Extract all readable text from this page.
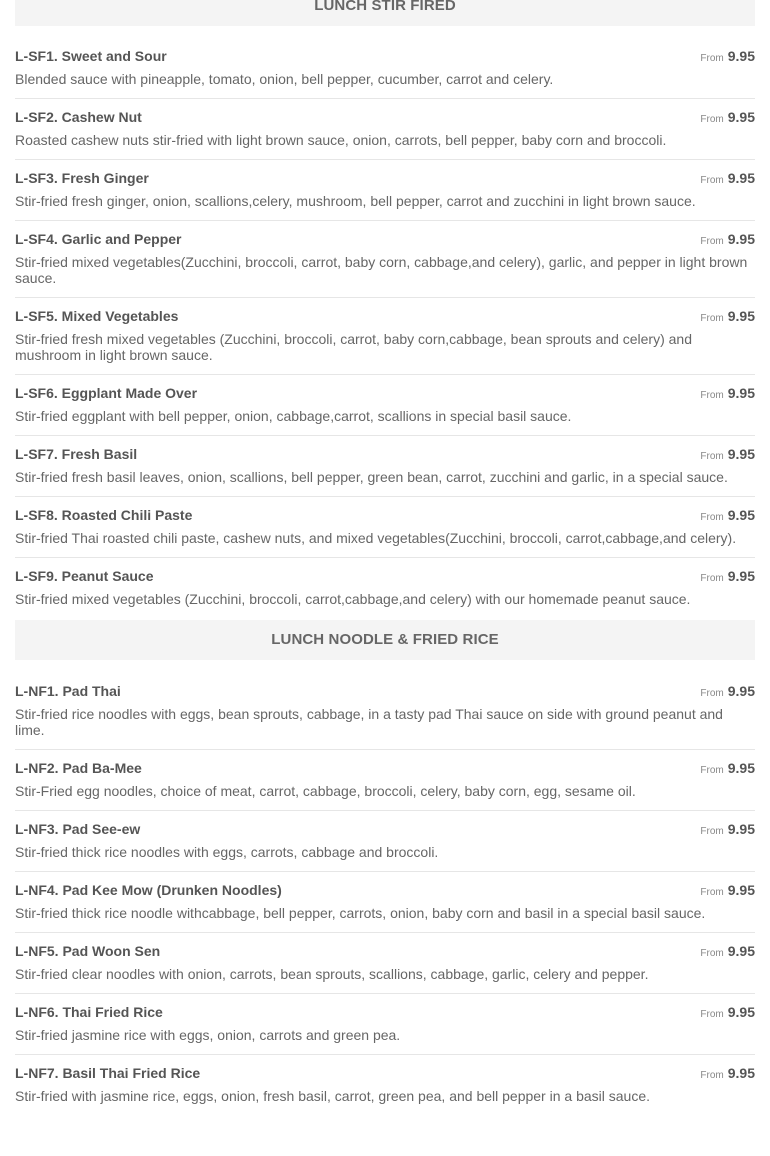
LUNCH STIR FIRED
L-SF1. Sweet and Sour	From 9.95
Blended sauce with pineapple, tomato, onion, bell pepper, cucumber, carrot and celery.
L-SF2. Cashew Nut	From 9.95
Roasted cashew nuts stir-fried with light brown sauce, onion, carrots, bell pepper, baby corn and broccoli.
L-SF3. Fresh Ginger	From 9.95
Stir-fried fresh ginger, onion, scallions,celery, mushroom, bell pepper, carrot and zucchini in light brown sauce.
L-SF4. Garlic and Pepper	From 9.95
Stir-fried mixed vegetables(Zucchini, broccoli, carrot, baby corn, cabbage,and celery), garlic, and pepper in light brown sauce.
L-SF5. Mixed Vegetables	From 9.95
Stir-fried fresh mixed vegetables (Zucchini, broccoli, carrot, baby corn,cabbage, bean sprouts and celery) and mushroom in light brown sauce.
L-SF6. Eggplant Made Over	From 9.95
Stir-fried eggplant with bell pepper, onion, cabbage,carrot, scallions in special basil sauce.
L-SF7. Fresh Basil	From 9.95
Stir-fried fresh basil leaves, onion, scallions, bell pepper, green bean, carrot, zucchini and garlic, in a special sauce.
L-SF8. Roasted Chili Paste	From 9.95
Stir-fried Thai roasted chili paste, cashew nuts, and mixed vegetables(Zucchini, broccoli, carrot,cabbage,and celery).
L-SF9. Peanut Sauce	From 9.95
Stir-fried mixed vegetables (Zucchini, broccoli, carrot,cabbage,and celery) with our homemade peanut sauce.
LUNCH NOODLE & FRIED RICE
L-NF1. Pad Thai	From 9.95
Stir-fried rice noodles with eggs, bean sprouts, cabbage, in a tasty pad Thai sauce on side with ground peanut and lime.
L-NF2. Pad Ba-Mee	From 9.95
Stir-Fried egg noodles, choice of meat, carrot, cabbage, broccoli, celery, baby corn, egg, sesame oil.
L-NF3. Pad See-ew	From 9.95
Stir-fried thick rice noodles with eggs, carrots, cabbage and broccoli.
L-NF4. Pad Kee Mow (Drunken Noodles)	From 9.95
Stir-fried thick rice noodle withcabbage, bell pepper, carrots, onion, baby corn and basil in a special basil sauce.
L-NF5. Pad Woon Sen	From 9.95
Stir-fried clear noodles with onion, carrots, bean sprouts, scallions, cabbage, garlic, celery and pepper.
L-NF6. Thai Fried Rice	From 9.95
Stir-fried jasmine rice with eggs, onion, carrots and green pea.
L-NF7. Basil Thai Fried Rice	From 9.95
Stir-fried with jasmine rice, eggs, onion, fresh basil, carrot, green pea, and bell pepper in a basil sauce.
